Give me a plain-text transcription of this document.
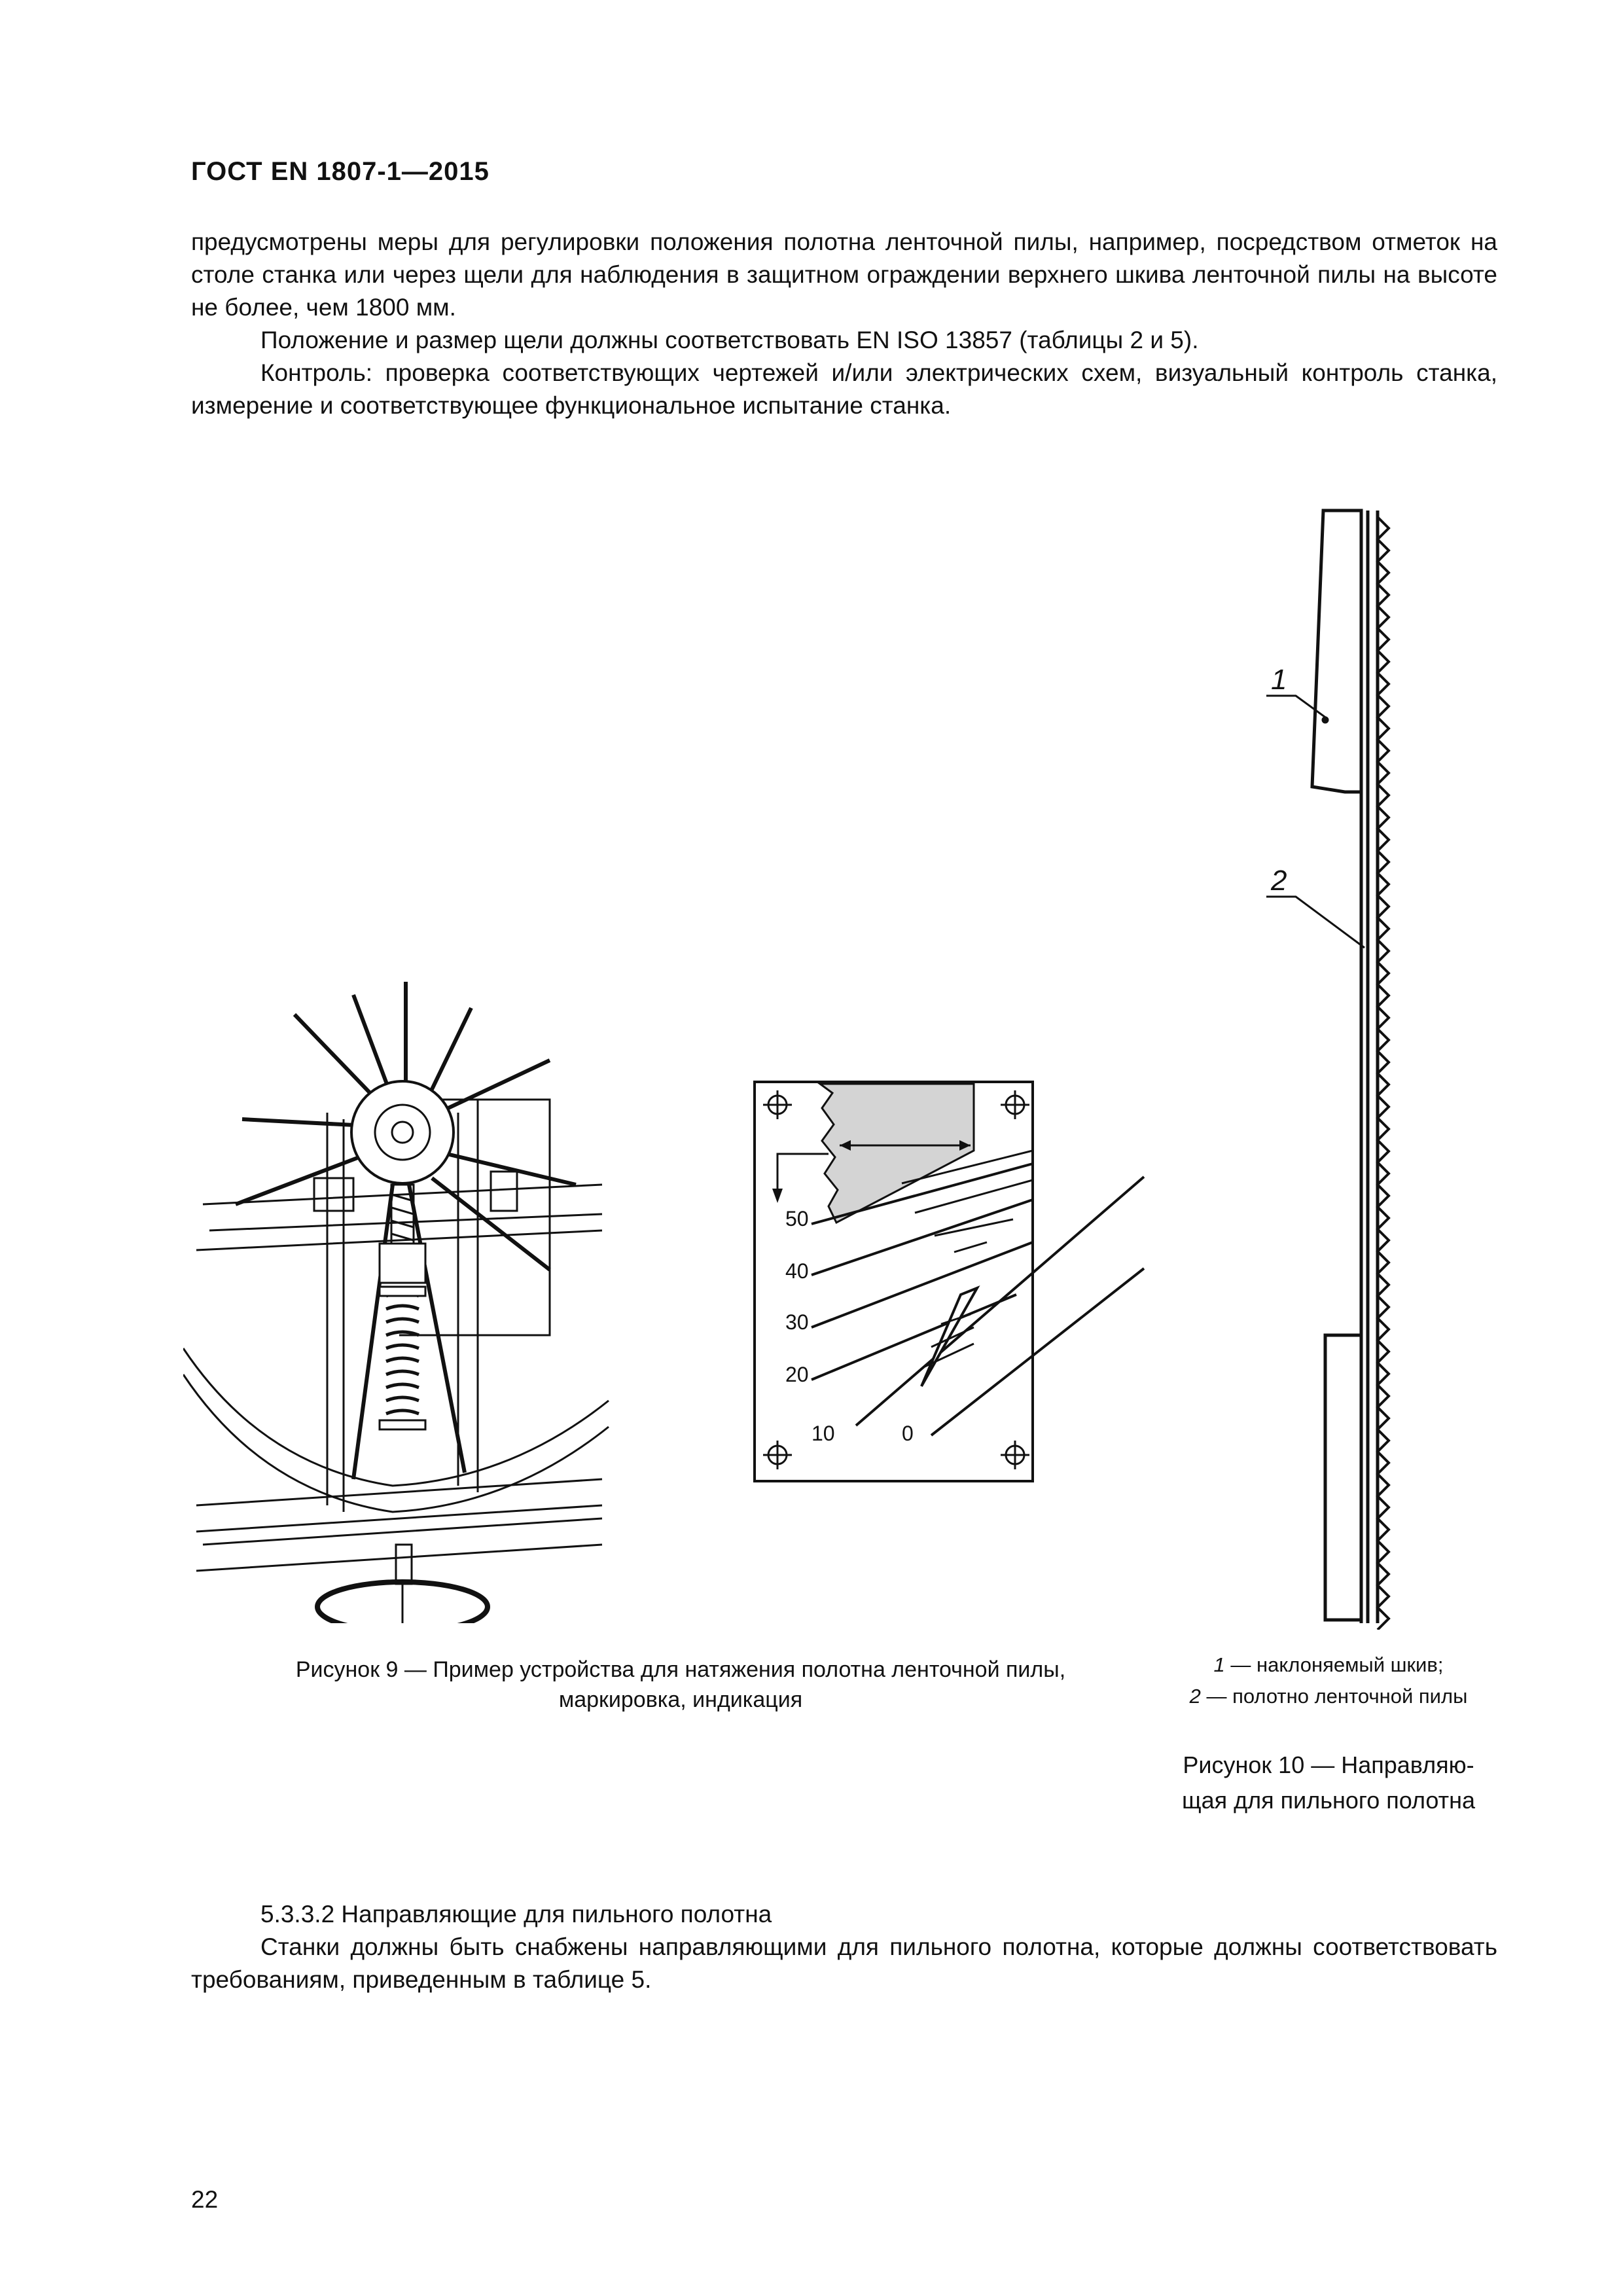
ГОСТ EN 1807-1—2015
предусмотрены меры для регулировки положения полотна ленточной пилы, например, посредством отметок на столе станка или через щели для наблюдения в защитном ограждении верхнего шкива ленточной пилы на высоте не более, чем 1800 мм.
Положение и размер щели должны соответствовать EN ISO 13857 (таблицы 2 и 5).
Контроль: проверка соответствующих чертежей и/или электрических схем, визуальный контроль станка, измерение и соответствующее функциональное испытание станка.
50
40
30
20
10	0
1
2
Рисунок 9 — Пример устройства для натяжения полотна ленточной пилы,
маркировка, индикация
1 — наклоняемый шкив;
2 — полотно ленточной пилы
Рисунок 10 — Направляю-
щая для пильного полотна
5.3.3.2 Направляющие для пильного полотна
Станки должны быть снабжены направляющими для пильного полотна, которые должны соответствовать требованиям, приведенным в таблице 5.
22
